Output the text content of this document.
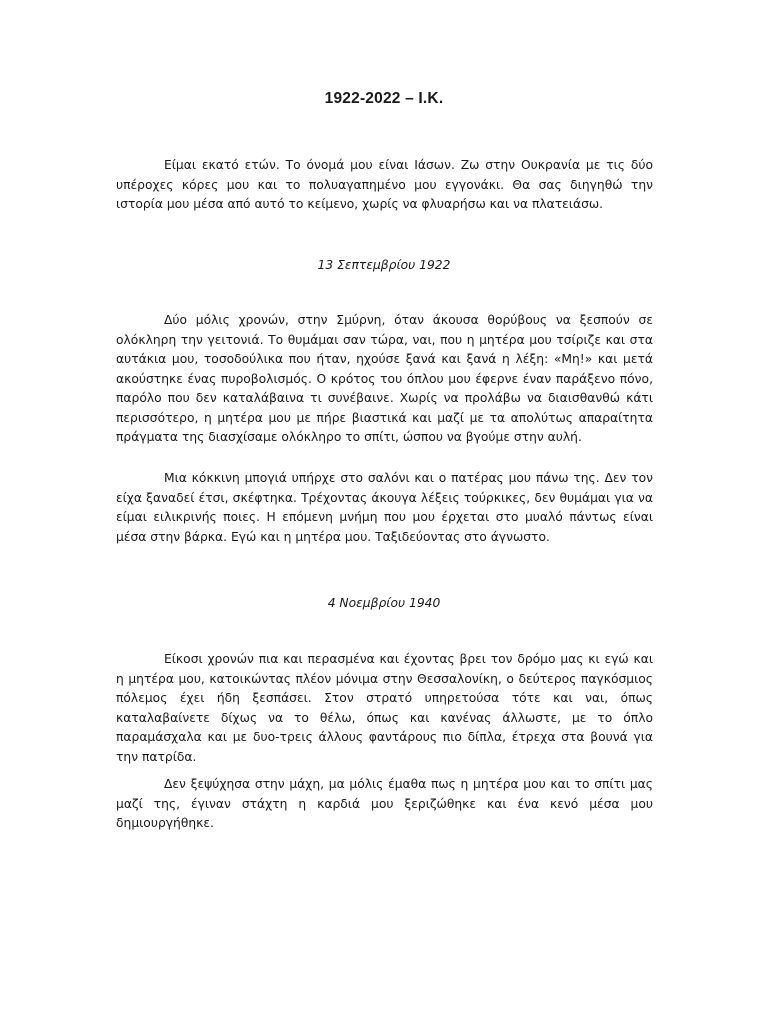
1922-2022 – Ι.Κ.

Είμαι εκατό ετών. Το όνομά μου είναι Ιάσων. Ζω στην Ουκρανία με τις δύο υπέροχες κόρες μου και το πολυαγαπημένο μου εγγονάκι. Θα σας διηγηθώ την ιστορία μου μέσα από αυτό το κείμενο, χωρίς να φλυαρήσω και να πλατειάσω.

13 Σεπτεμβρίου 1922

Δύο μόλις χρονών, στην Σμύρνη, όταν άκουσα θορύβους να ξεσπούν σε ολόκληρη την γειτονιά. Το θυμάμαι σαν τώρα, ναι, που η μητέρα μου τσίριζε και στα αυτάκια μου, τοσοδούλικα που ήταν, ηχούσε ξανά και ξανά η λέξη: «Μη!» και μετά ακούστηκε ένας πυροβολισμός. Ο κρότος του όπλου μου έφερνε έναν παράξενο πόνο, παρόλο που δεν καταλάβαινα τι συνέβαινε. Χωρίς να προλάβω να διαισθανθώ κάτι περισσότερο, η μητέρα μου με πήρε βιαστικά και μαζί με τα απολύτως απαραίτητα πράγματα της διασχίσαμε ολόκληρο το σπίτι, ώσπου να βγούμε στην αυλή.

Μια κόκκινη μπογιά υπήρχε στο σαλόνι και ο πατέρας μου πάνω της. Δεν τον είχα ξαναδεί έτσι, σκέφτηκα. Τρέχοντας άκουγα λέξεις τούρκικες, δεν θυμάμαι για να είμαι ειλικρινής ποιες. Η επόμενη μνήμη που μου έρχεται στο μυαλό πάντως είναι μέσα στην βάρκα. Εγώ και η μητέρα μου. Ταξιδεύοντας στο άγνωστο.

4 Νοεμβρίου 1940

Είκοσι χρονών πια και περασμένα και έχοντας βρει τον δρόμο μας κι εγώ και η μητέρα μου, κατοικώντας πλέον μόνιμα στην Θεσσαλονίκη, ο δεύτερος παγκόσμιος πόλεμος έχει ήδη ξεσπάσει. Στον στρατό υπηρετούσα τότε και ναι, όπως καταλαβαίνετε δίχως να το θέλω, όπως και κανένας άλλωστε, με το όπλο παραμάσχαλα και με δυο-τρεις άλλους φαντάρους πιο δίπλα, έτρεχα στα βουνά για την πατρίδα.

Δεν ξεψύχησα στην μάχη, μα μόλις έμαθα πως η μητέρα μου και το σπίτι μας μαζί της, έγιναν στάχτη η καρδιά μου ξεριζώθηκε και ένα κενό μέσα μου δημιουργήθηκε.
